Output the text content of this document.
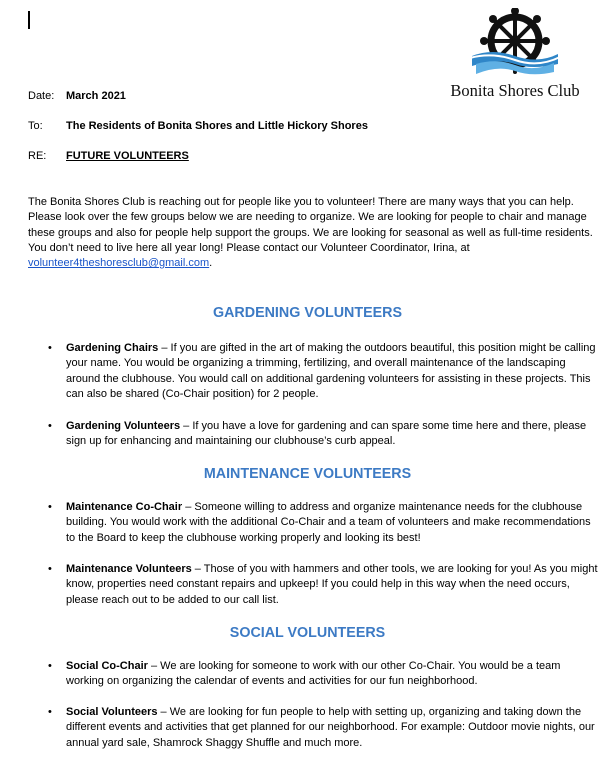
Bonita Shores Club
Date: March 2021
To: The Residents of Bonita Shores and Little Hickory Shores
RE: FUTURE VOLUNTEERS
The Bonita Shores Club is reaching out for people like you to volunteer! There are many ways that you can help. Please look over the few groups below we are needing to organize. We are looking for people to chair and manage these groups and also for people help support the groups. We are looking for seasonal as well as full-time residents. You don’t need to live here all year long! Please contact our Volunteer Coordinator, Irina, at volunteer4theshoresclub@gmail.com.
GARDENING VOLUNTEERS
• Gardening Chairs – If you are gifted in the art of making the outdoors beautiful, this position might be calling your name. You would be organizing a trimming, fertilizing, and overall maintenance of the landscaping around the clubhouse. You would call on additional gardening volunteers for assisting in these projects. This can also be shared (Co-Chair position) for 2 people.
• Gardening Volunteers – If you have a love for gardening and can spare some time here and there, please sign up for enhancing and maintaining our clubhouse’s curb appeal.
MAINTENANCE VOLUNTEERS
• Maintenance Co-Chair – Someone willing to address and organize maintenance needs for the clubhouse building. You would work with the additional Co-Chair and a team of volunteers and make recommendations to the Board to keep the clubhouse working properly and looking its best!
• Maintenance Volunteers – Those of you with hammers and other tools, we are looking for you! As you might know, properties need constant repairs and upkeep! If you could help in this way when the need occurs, please reach out to be added to our call list.
SOCIAL VOLUNTEERS
• Social Co-Chair – We are looking for someone to work with our other Co-Chair. You would be a team working on organizing the calendar of events and activities for our fun neighborhood.
• Social Volunteers – We are looking for fun people to help with setting up, organizing and taking down the different events and activities that get planned for our neighborhood. For example: Outdoor movie nights, our annual yard sale, Shamrock Shaggy Shuffle and much more.
